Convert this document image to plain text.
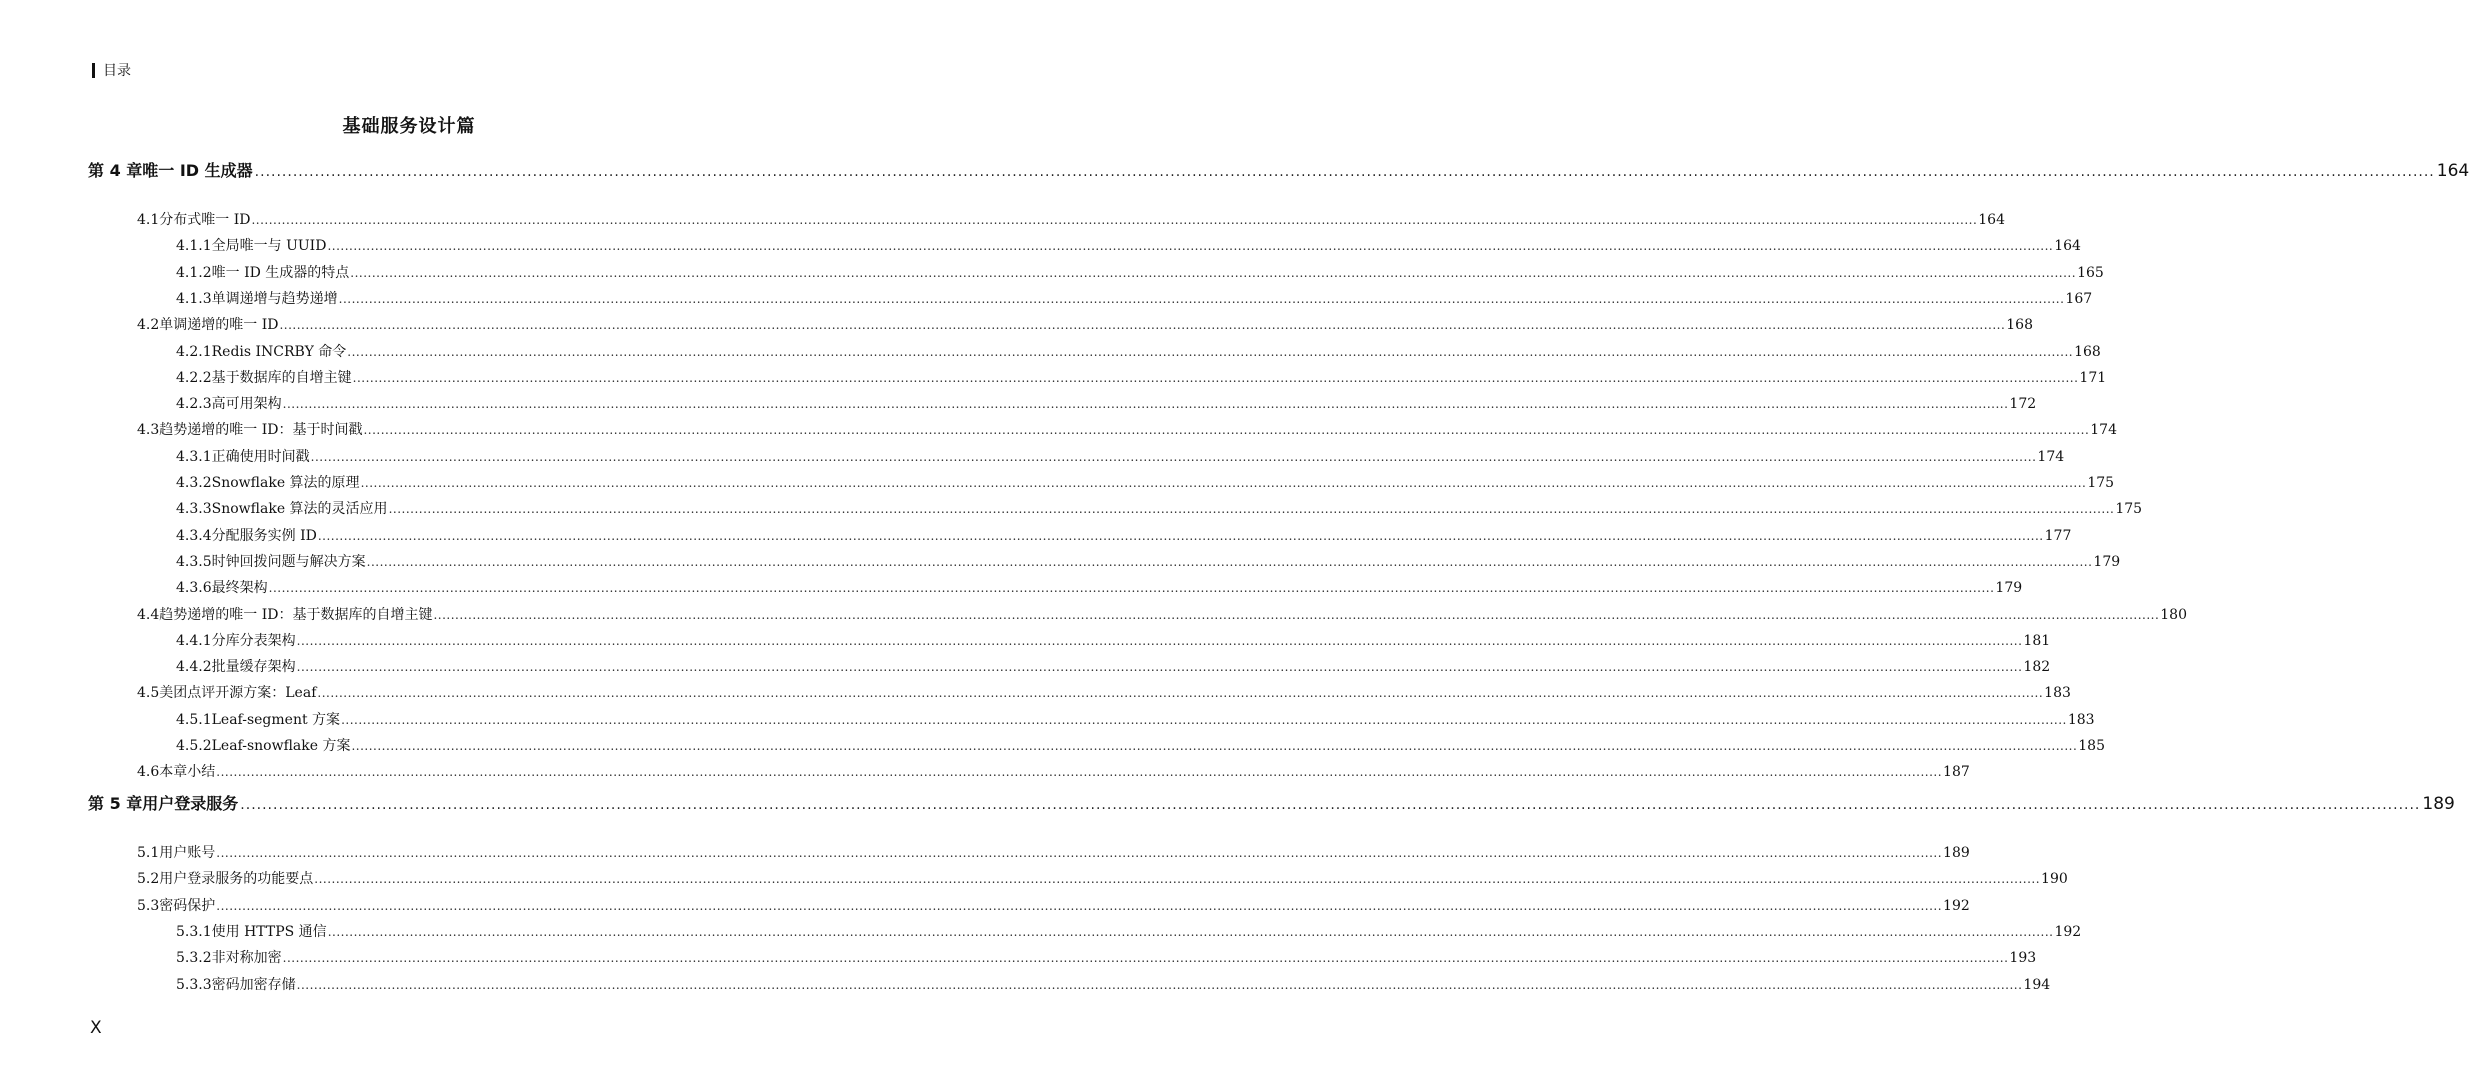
目录
基础服务设计篇
第 4 章 唯一 ID 生成器 ................................................................................................................................................................................................................................................................................................................................................................................................................ 164
4.1 分布式唯一 ID ................................................................................................................................................................................................................................................................................................................................................................................................................ 164
4.1.1 全局唯一与 UUID ................................................................................................................................................................................................................................................................................................................................................................................................................ 164
4.1.2 唯一 ID 生成器的特点 ................................................................................................................................................................................................................................................................................................................................................................................................................ 165
4.1.3 单调递增与趋势递增 ................................................................................................................................................................................................................................................................................................................................................................................................................ 167
4.2 单调递增的唯一 ID ................................................................................................................................................................................................................................................................................................................................................................................................................ 168
4.2.1 Redis INCRBY 命令 ................................................................................................................................................................................................................................................................................................................................................................................................................ 168
4.2.2 基于数据库的自增主键 ................................................................................................................................................................................................................................................................................................................................................................................................................ 171
4.2.3 高可用架构 ................................................................................................................................................................................................................................................................................................................................................................................................................ 172
4.3 趋势递增的唯一 ID：基于时间戳 ................................................................................................................................................................................................................................................................................................................................................................................................................ 174
4.3.1 正确使用时间戳 ................................................................................................................................................................................................................................................................................................................................................................................................................ 174
4.3.2 Snowflake 算法的原理 ................................................................................................................................................................................................................................................................................................................................................................................................................ 175
4.3.3 Snowflake 算法的灵活应用 ................................................................................................................................................................................................................................................................................................................................................................................................................ 175
4.3.4 分配服务实例 ID ................................................................................................................................................................................................................................................................................................................................................................................................................ 177
4.3.5 时钟回拨问题与解决方案 ................................................................................................................................................................................................................................................................................................................................................................................................................ 179
4.3.6 最终架构 ................................................................................................................................................................................................................................................................................................................................................................................................................ 179
4.4 趋势递增的唯一 ID：基于数据库的自增主键 ................................................................................................................................................................................................................................................................................................................................................................................................................ 180
4.4.1 分库分表架构 ................................................................................................................................................................................................................................................................................................................................................................................................................ 181
4.4.2 批量缓存架构 ................................................................................................................................................................................................................................................................................................................................................................................................................ 182
4.5 美团点评开源方案：Leaf ................................................................................................................................................................................................................................................................................................................................................................................................................ 183
4.5.1 Leaf-segment 方案 ................................................................................................................................................................................................................................................................................................................................................................................................................ 183
4.5.2 Leaf-snowflake 方案 ................................................................................................................................................................................................................................................................................................................................................................................................................ 185
4.6 本章小结 ................................................................................................................................................................................................................................................................................................................................................................................................................ 187
第 5 章 用户登录服务 ................................................................................................................................................................................................................................................................................................................................................................................................................ 189
5.1 用户账号 ................................................................................................................................................................................................................................................................................................................................................................................................................ 189
5.2 用户登录服务的功能要点 ................................................................................................................................................................................................................................................................................................................................................................................................................ 190
5.3 密码保护 ................................................................................................................................................................................................................................................................................................................................................................................................................ 192
5.3.1 使用 HTTPS 通信 ................................................................................................................................................................................................................................................................................................................................................................................................................ 192
5.3.2 非对称加密 ................................................................................................................................................................................................................................................................................................................................................................................................................ 193
5.3.3 密码加密存储 ................................................................................................................................................................................................................................................................................................................................................................................................................ 194
X
